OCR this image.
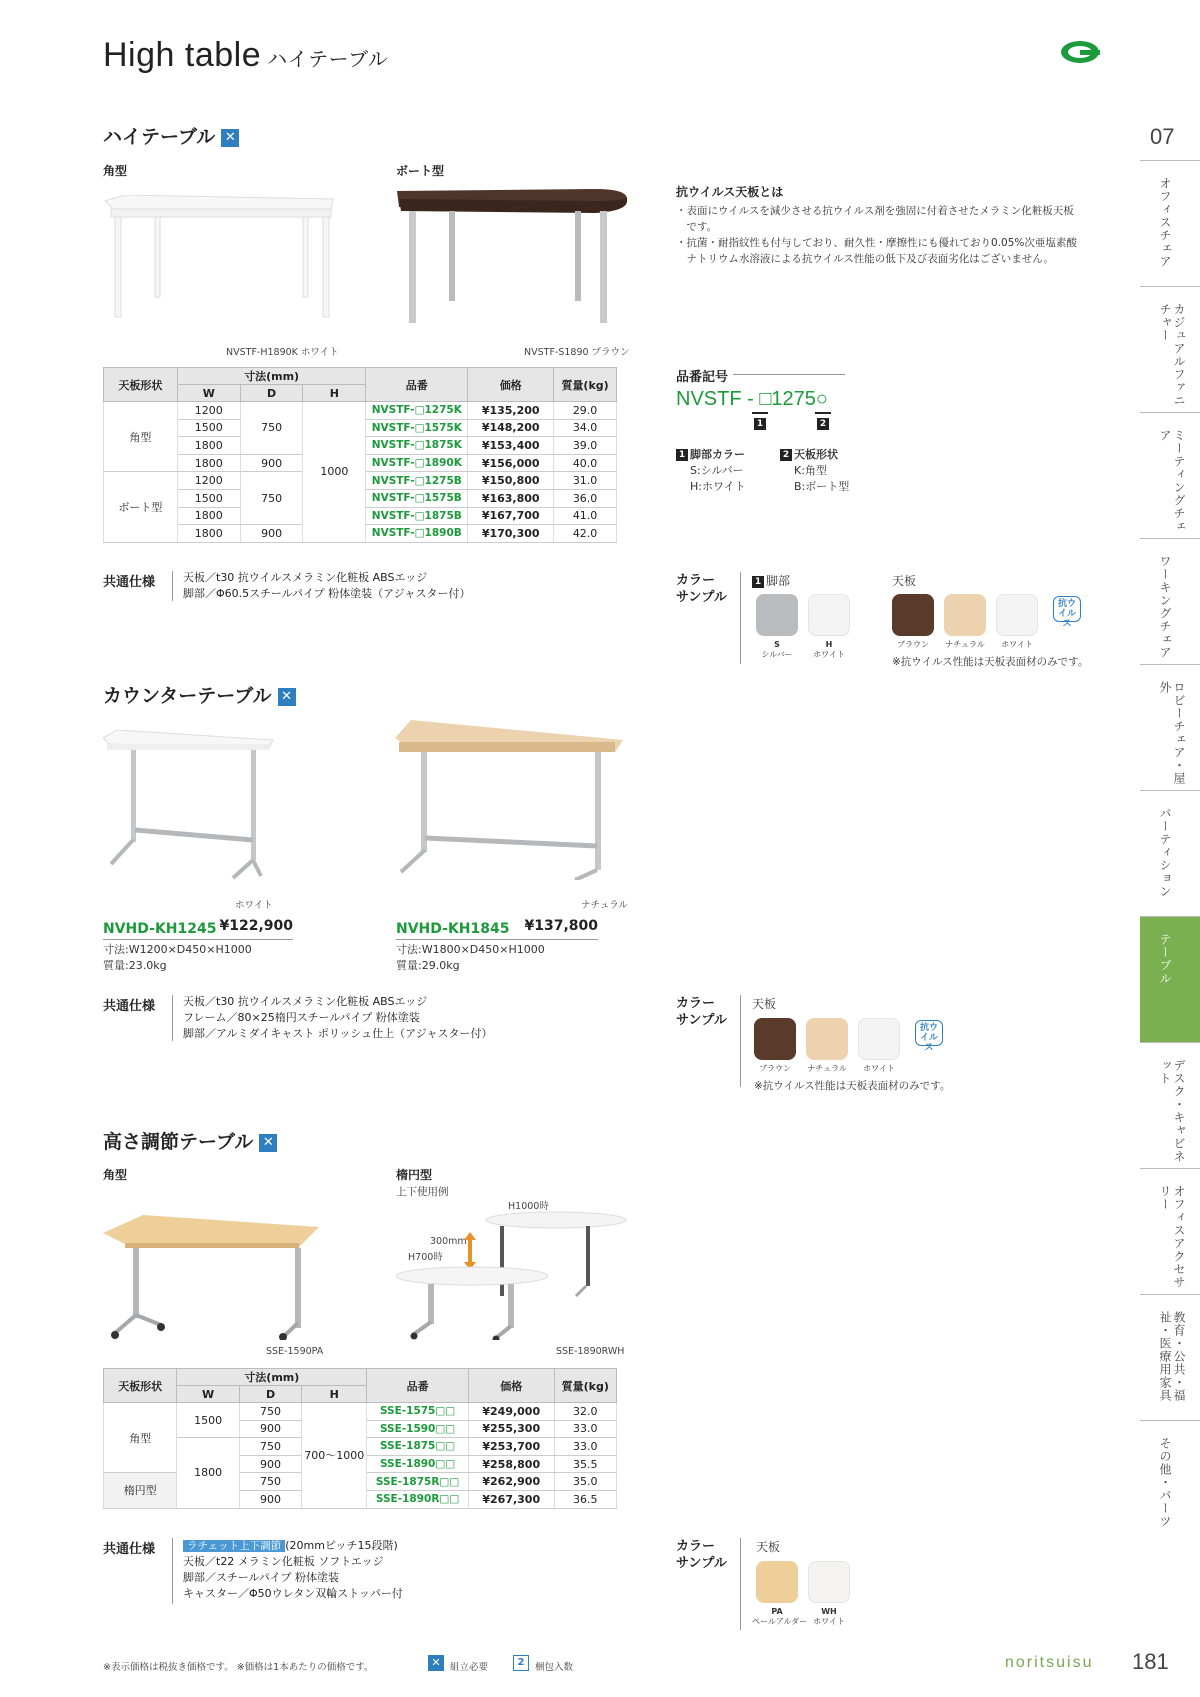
High table ハイテーブル
07
オフィスチェア
カジュアルファニチャー
ミーティングチェア
ワーキングチェア
ロビーチェア・屋外
パーティション
テーブル
デスク・キャビネット
オフィスアクセサリー
教育・公共・福祉・医療用家具
その他・パーツ
ハイテーブル ✕
角型	ボート型
NVSTF-H1890K ホワイト	NVSTF-S1890 ブラウン
天板形状	寸法(mm)			品番	価格	質量(kg)
	W	D	H			
角型	1200	750	1000	NVSTF-□1275K	¥135,200	29.0
	1500			NVSTF-□1575K	¥148,200	34.0
	1800			NVSTF-□1875K	¥153,400	39.0
	1800	900		NVSTF-□1890K	¥156,000	40.0
ボート型	1200	750		NVSTF-□1275B	¥150,800	31.0
	1500			NVSTF-□1575B	¥163,800	36.0
	1800			NVSTF-□1875B	¥167,700	41.0
	1800	900		NVSTF-□1890B	¥170,300	42.0
抗ウイルス天板とは
・表面にウイルスを減少させる抗ウイルス剤を強固に付着させたメラミン化粧板天板
　です。
・抗菌・耐指紋性も付与しており、耐久性・摩擦性にも優れており0.05%次亜塩素酸
　ナトリウム水溶液による抗ウイルス性能の低下及び表面劣化はございません。
品番記号
NVSTF - □1275○
1	2
1 脚部カラー
S:シルバー
H:ホワイト
2 天板形状
K:角型
B:ボート型
共通仕様	天板／t30 抗ウイルスメラミン化粧板 ABSエッジ
脚部／Φ60.5スチールパイプ 粉体塗装（アジャスター付）
カラー
サンプル
1 脚部	天板
S
シルバー
H
ホワイト
ブラウン	ナチュラル	ホワイト
抗ウイルス
※抗ウイルス性能は天板表面材のみです。
カウンターテーブル ✕
ホワイト	ナチュラル
NVHD-KH1245 ¥122,900
寸法:W1200×D450×H1000
質量:23.0kg
NVHD-KH1845 ¥137,800
寸法:W1800×D450×H1000
質量:29.0kg
共通仕様	天板／t30 抗ウイルスメラミン化粧板 ABSエッジ
フレーム／80×25楕円スチールパイプ 粉体塗装
脚部／アルミダイキャスト ポリッシュ仕上（アジャスター付）
カラー
サンプル
天板
ブラウン	ナチュラル	ホワイト
抗ウイルス
※抗ウイルス性能は天板表面材のみです。
高さ調節テーブル ✕
角型	楕円型
上下使用例
SSE-1590PA
H1000時
300mm
H700時
SSE-1890RWH
天板形状	寸法(mm)			品番	価格	質量(kg)
	W	D	H			
角型	1500	750	700〜1000	SSE-1575□□	¥249,000	32.0
		900		SSE-1590□□	¥255,300	33.0
	1800	750		SSE-1875□□	¥253,700	33.0
		900		SSE-1890□□	¥258,800	35.5
楕円型		750		SSE-1875R□□	¥262,900	35.0
		900		SSE-1890R□□	¥267,300	36.5
共通仕様	ラチェット上下調節 (20mmピッチ15段階)
天板／t22 メラミン化粧板 ソフトエッジ
脚部／スチールパイプ 粉体塗装
キャスター／Φ50ウレタン双輪ストッパー付
カラー
サンプル
天板
PA
ペールアルダー
WH
ホワイト
※表示価格は税抜き価格です。 ※価格は1本あたりの価格です。	✕ 組立必要	2	梱包入数	noritsuisu 181
